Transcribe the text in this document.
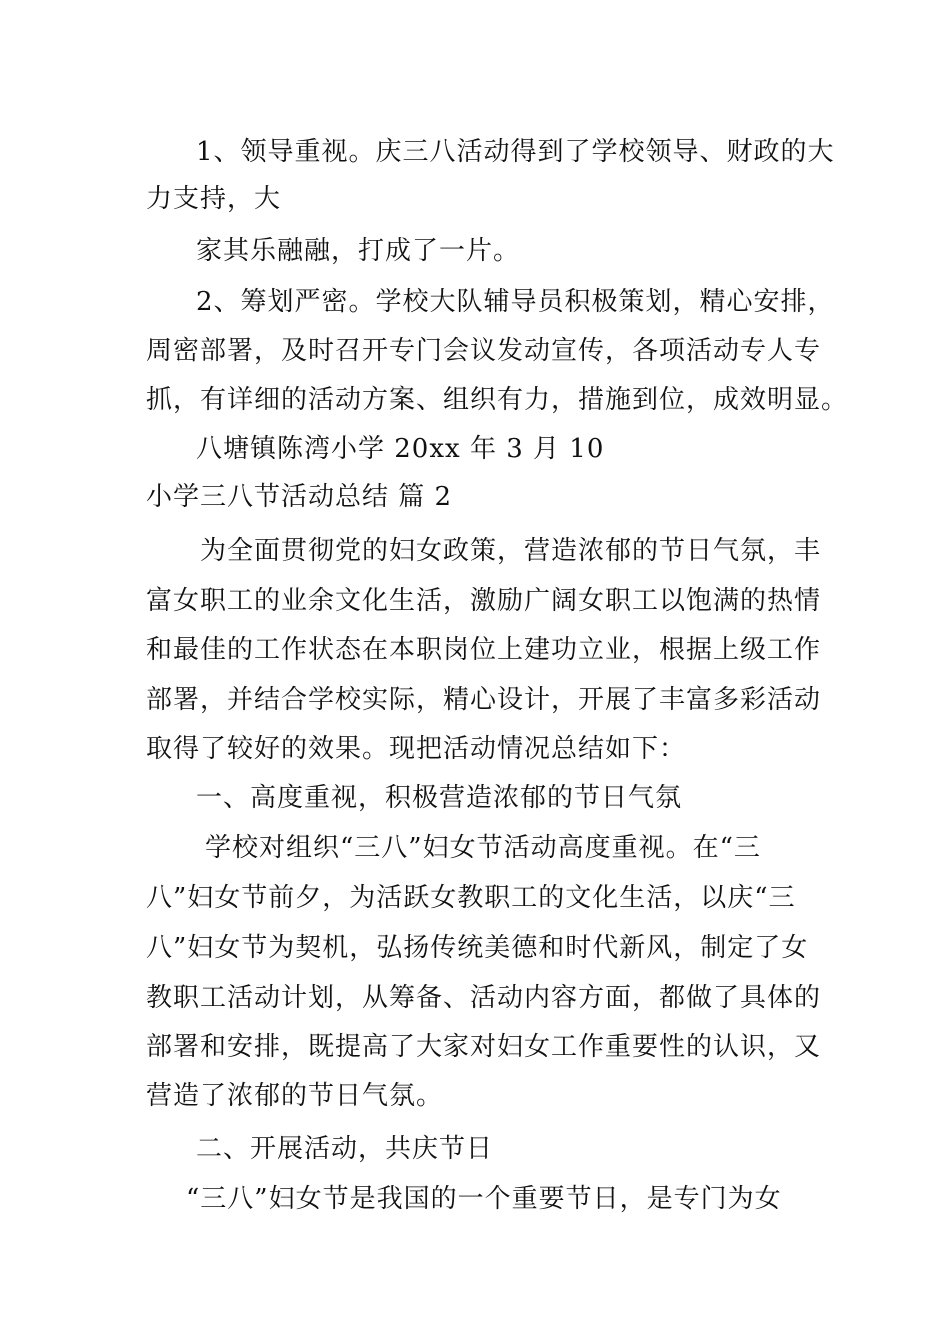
1、领导重视。庆三八活动得到了学校领导、财政的大
力支持，大
家其乐融融，打成了一片。
2、筹划严密。学校大队辅导员积极策划，精心安排，
周密部署，及时召开专门会议发动宣传，各项活动专人专
抓，有详细的活动方案、组织有力，措施到位，成效明显。
八塘镇陈湾小学 20xx 年 3 月 10
小学三八节活动总结 篇 2
为全面贯彻党的妇女政策，营造浓郁的节日气氛，丰
富女职工的业余文化生活，激励广阔女职工以饱满的热情
和最佳的工作状态在本职岗位上建功立业，根据上级工作
部署，并结合学校实际，精心设计，开展了丰富多彩活动
取得了较好的效果。现把活动情况总结如下：
一、高度重视，积极营造浓郁的节日气氛
学校对组织“三八”妇女节活动高度重视。在“三
八”妇女节前夕，为活跃女教职工的文化生活，以庆“三
八”妇女节为契机，弘扬传统美德和时代新风，制定了女
教职工活动计划，从筹备、活动内容方面，都做了具体的
部署和安排，既提高了大家对妇女工作重要性的认识，又
营造了浓郁的节日气氛。
二、开展活动，共庆节日
“三八”妇女节是我国的一个重要节日，是专门为女
